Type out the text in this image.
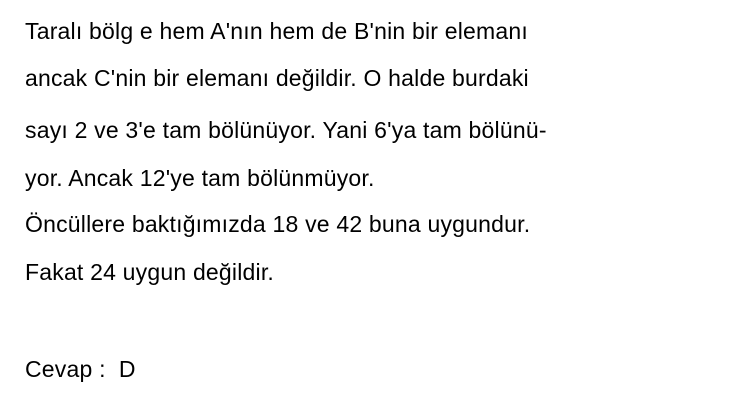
Taralı bölg e hem A'nın hem de B'nin bir elemanı
ancak C'nin bir elemanı değildir. O halde burdaki
sayı 2 ve 3'e tam bölünüyor. Yani 6'ya tam bölünü-
yor. Ancak 12'ye tam bölünmüyor.
Öncüllere baktığımızda 18 ve 42 buna uygundur.
Fakat 24 uygun değildir.
Cevap :  D
